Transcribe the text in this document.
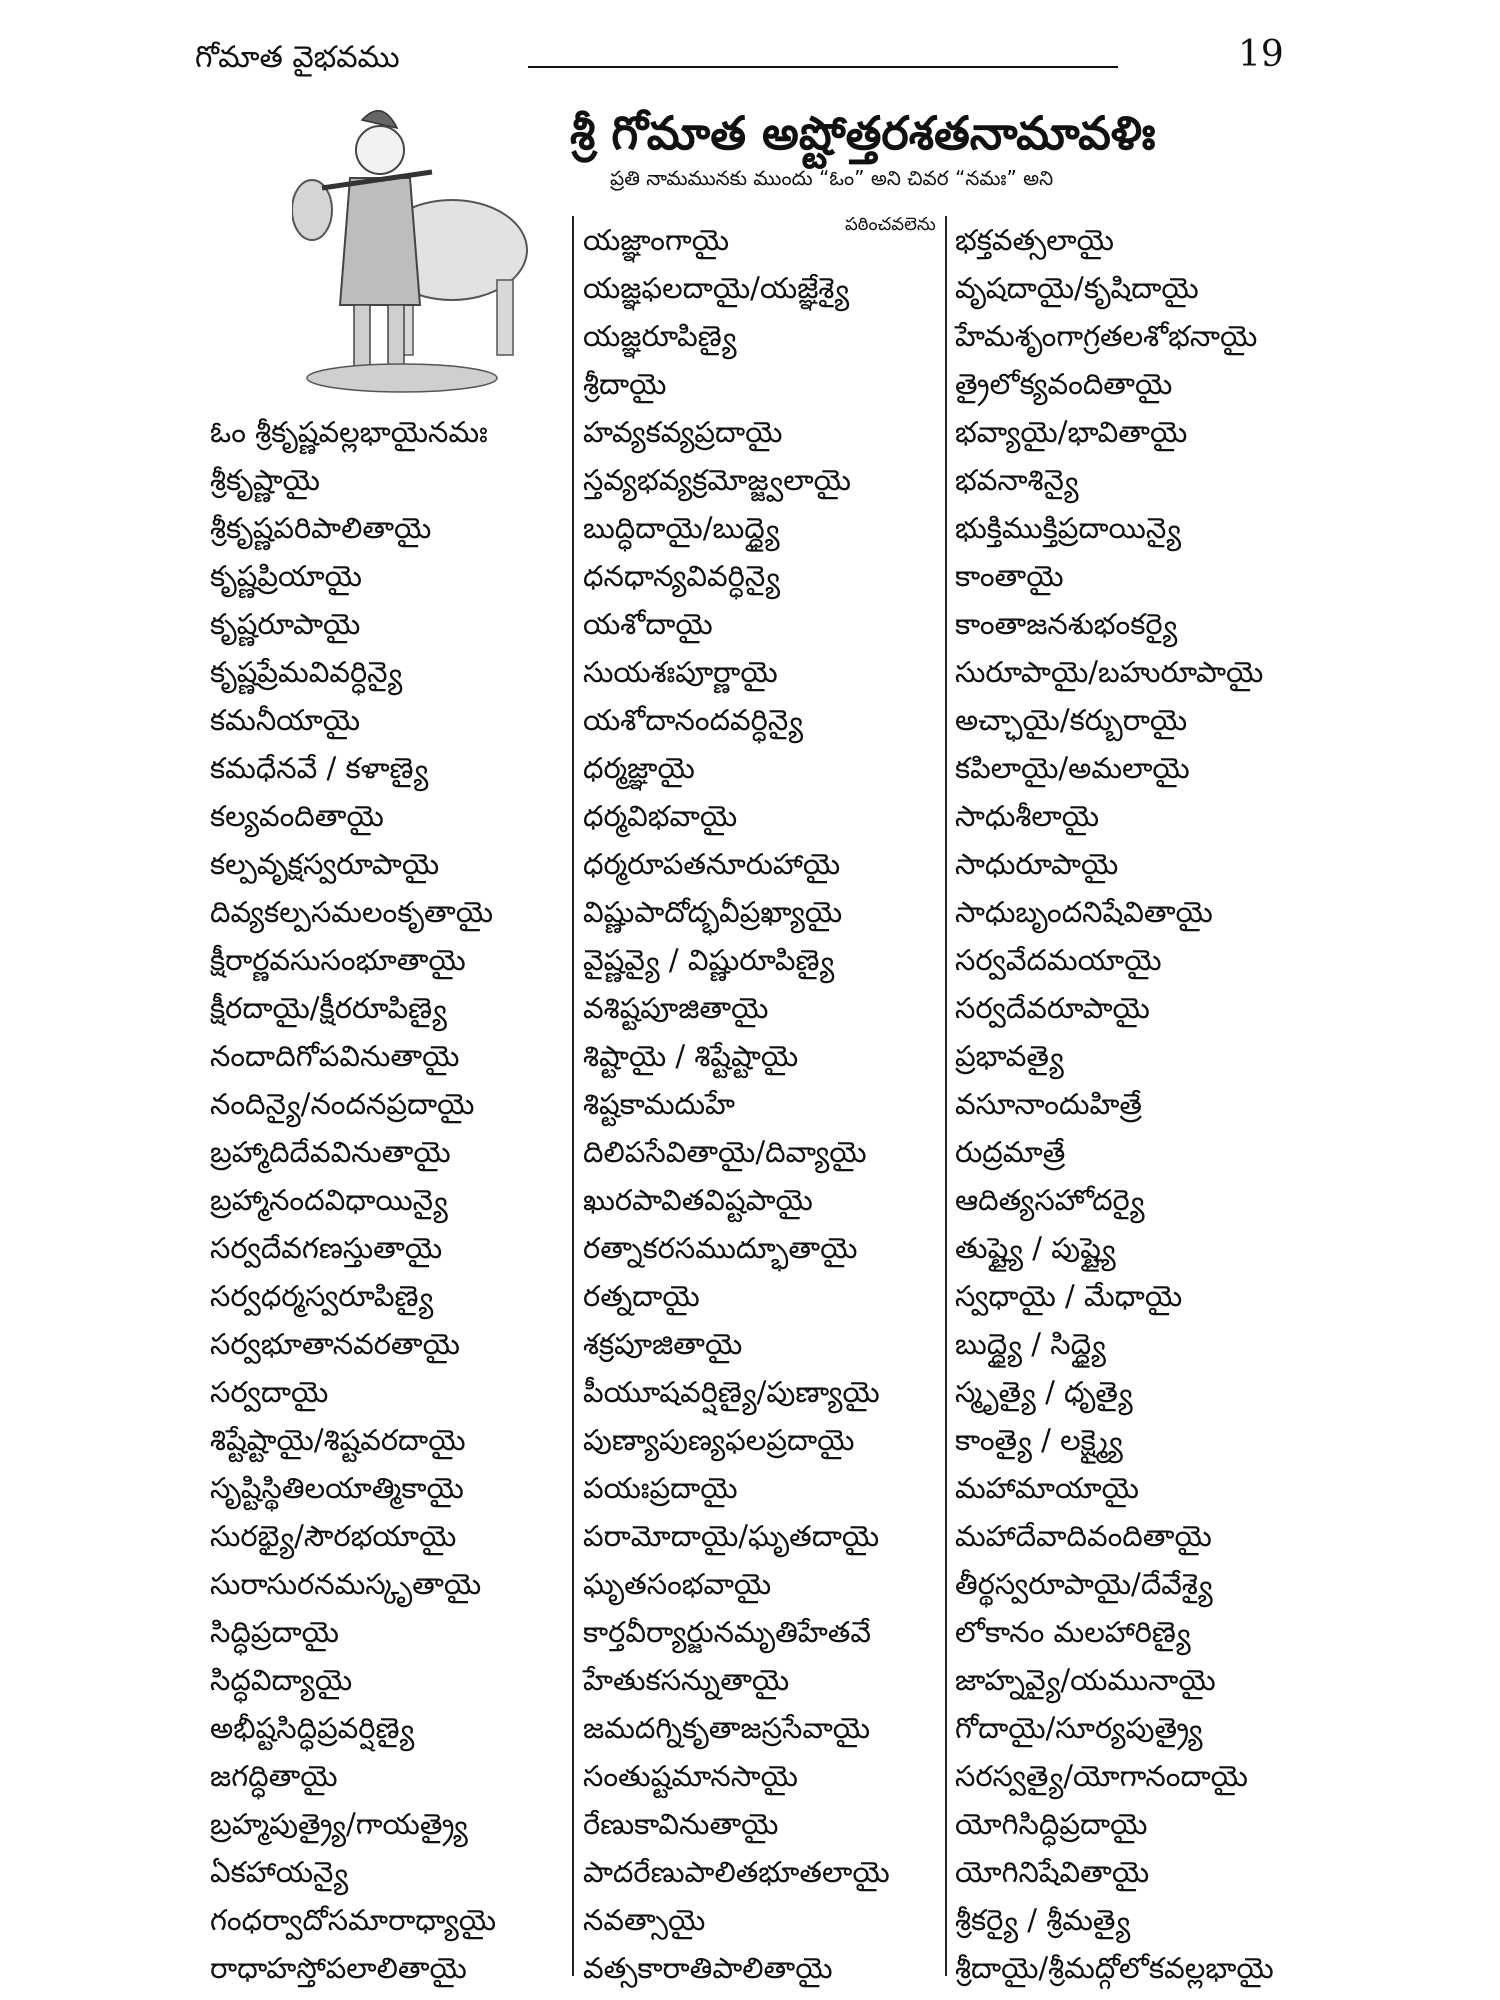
గోమాత వైభవము	19
శ్రీ గోమాత అష్టోత్తరశతనామావళిః
ప్రతి నామమునకు ముందు “ఓం” అని చివర “నమః” అని
పఠించవలెను
ఓం శ్రీకృష్ణవల్లభాయైనమః
శ్రీకృష్ణాయై
శ్రీకృష్ణపరిపాలితాయై
కృష్ణప్రియాయై
కృష్ణరూపాయై
కృష్ణప్రేమవివర్ధిన్యై
కమనీయాయై
కమధేనవే / కళాణ్యై
కల్యవందితాయై
కల్పవృక్షస్వరూపాయై
దివ్యకల్పసమలంకృతాయై
క్షీరార్ణవసుసంభూతాయై
క్షీరదాయై/క్షీరరూపిణ్యై
నందాదిగోపవినుతాయై
నందిన్యై/నందనప్రదాయై
బ్రహ్మాదిదేవవినుతాయై
బ్రహ్మానందవిధాయిన్యై
సర్వదేవగణస్తుతాయై
సర్వధర్మస్వరూపిణ్యై
సర్వభూతానవరతాయై
సర్వదాయై
శిష్టేష్టాయై/శిష్టవరదాయై
సృష్టిస్థితిలయాత్మికాయై
సురభ్యై/సౌరభయాయై
సురాసురనమస్కృతాయై
సిద్ధిప్రదాయై
సిద్ధవిద్యాయై
అభీష్టసిద్ధిప్రవర్షిణ్యై
జగద్ధితాయై
బ్రహ్మపుత్ర్యై/గాయత్ర్యై
ఏకహాయన్యై
గంధర్వాదోసమారాధ్యాయై
రాధాహస్తోపలాలితాయై
యజ్ఞాంగాయై
యజ్ఞఫలదాయై/యజ్ఞేశ్యై
యజ్ఞరూపిణ్యై
శ్రీదాయై
హవ్యకవ్యప్రదాయై
స్తవ్యభవ్యక్రమోజ్జ్వలాయై
బుద్ధిదాయై/బుద్ధ్యై
ధనధాన్యవివర్ధిన్యై
యశోదాయై
సుయశఃపూర్ణాయై
యశోదానందవర్ధిన్యై
ధర్మజ్ఞాయై
ధర్మవిభవాయై
ధర్మరూపతనూరుహాయై
విష్ణుపాదోద్భవీప్రఖ్యాయై
వైష్ణవ్యై / విష్ణురూపిణ్యై
వశిష్టపూజితాయై
శిష్టాయై / శిష్టేష్టాయై
శిష్టకామదుహే
దిలిపసేవితాయై/దివ్యాయై
ఖురపావితవిష్టపాయై
రత్నాకరసముద్భూతాయై
రత్నదాయై
శక్రపూజితాయై
పీయూషవర్షిణ్యై/పుణ్యాయై
పుణ్యాపుణ్యఫలప్రదాయై
పయఃప్రదాయై
పరామోదాయై/ఘృతదాయై
ఘృతసంభవాయై
కార్తవీర్యార్జునమృతిహేతవే
హేతుకసన్నుతాయై
జమదగ్నికృతాజస్రసేవాయై
సంతుష్టమానసాయై
రేణుకావినుతాయై
పాదరేణుపాలితభూతలాయై
నవత్సాయై
వత్సకారాతిపాలితాయై
భక్తవత్సలాయై
వృషదాయై/కృషిదాయై
హేమశృంగాగ్రతలశోభనాయై
త్రైలోక్యవందితాయై
భవ్యాయై/భావితాయై
భవనాశిన్యై
భుక్తిముక్తిప్రదాయిన్యై
కాంతాయై
కాంతాజనశుభంకర్యై
సురూపాయై/బహురూపాయై
అచ్ఛాయై/కర్బురాయై
కపిలాయై/అమలాయై
సాధుశీలాయై
సాధురూపాయై
సాధుబృందనిషేవితాయై
సర్వవేదమయాయై
సర్వదేవరూపాయై
ప్రభావత్యై
వసూనాందుహిత్రే
రుద్రమాత్రే
ఆదిత్యసహోదర్యై
తుష్ట్యై / పుష్ట్యై
స్వధాయై / మేధాయై
బుద్ధ్యై / సిద్ధ్యై
స్మృత్యై / ధృత్యై
కాంత్యై / లక్ష్మ్యై
మహామాయాయై
మహాదేవాదివందితాయై
తీర్థస్వరూపాయై/దేవేశ్యై
లోకానం మలహారిణ్యై
జాహ్నవ్యై/యమునాయై
గోదాయై/సూర్యపుత్ర్యై
సరస్వత్యై/యోగానందాయై
యోగిసిద్ధిప్రదాయై
యోగినిషేవితాయై
శ్రీకర్యై / శ్రీమత్యై
శ్రీదాయై/శ్రీమద్గోలోకవల్లభాయై
